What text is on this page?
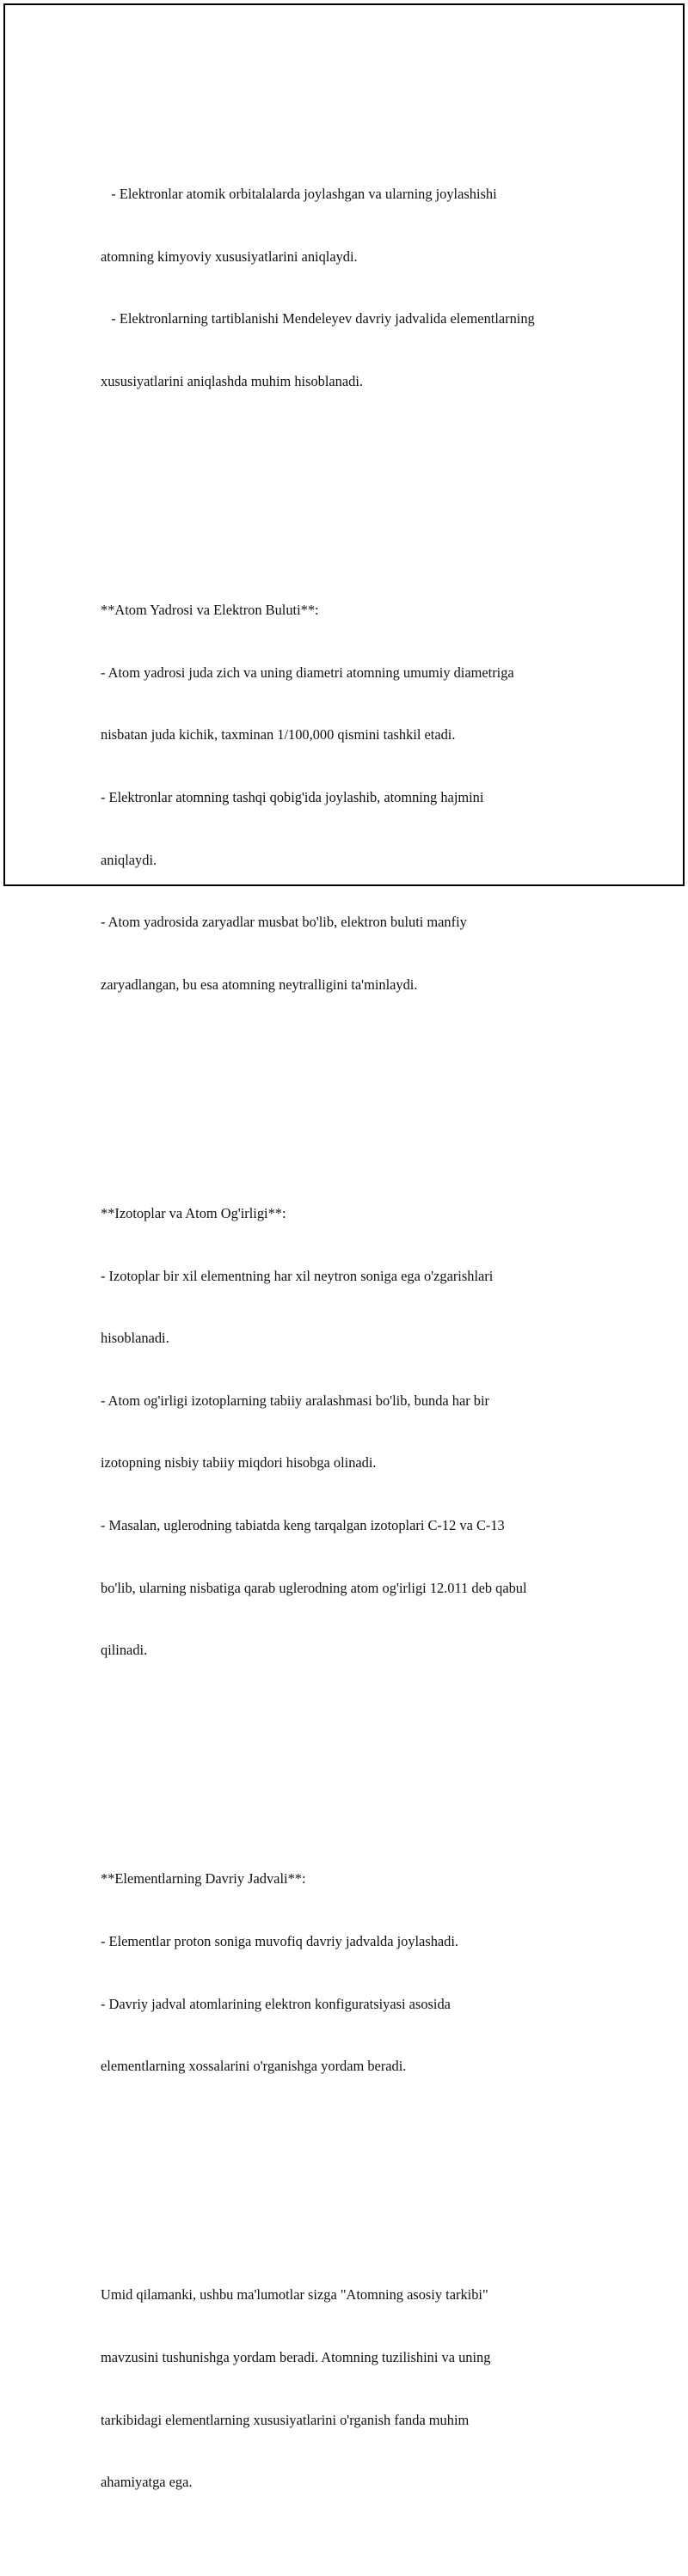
- Elektronlar atomik orbitalalarda joylashgan va ularning joylashishi

atomning kimyoviy xususiyatlarini aniqlaydi.

- Elektronlarning tartiblanishi Mendeleyev davriy jadvalida elementlarning

xususiyatlarini aniqlashda muhim hisoblanadi.

**Atom Yadrosi va Elektron Buluti**:

- Atom yadrosi juda zich va uning diametri atomning umumiy diametriga

nisbatan juda kichik, taxminan 1/100,000 qismini tashkil etadi.

- Elektronlar atomning tashqi qobig'ida joylashib, atomning hajmini

aniqlaydi.

- Atom yadrosida zaryadlar musbat bo'lib, elektron buluti manfiy

zaryadlangan, bu esa atomning neytralligini ta'minlaydi.

**Izotoplar va Atom Og'irligi**:

- Izotoplar bir xil elementning har xil neytron soniga ega o'zgarishlari

hisoblanadi.

- Atom og'irligi izotoplarning tabiiy aralashmasi bo'lib, bunda har bir

izotopning nisbiy tabiiy miqdori hisobga olinadi.

- Masalan, uglerodning tabiatda keng tarqalgan izotoplari C-12 va C-13

bo'lib, ularning nisbatiga qarab uglerodning atom og'irligi 12.011 deb qabul

qilinadi.

**Elementlarning Davriy Jadvali**:

- Elementlar proton soniga muvofiq davriy jadvalda joylashadi.

- Davriy jadval atomlarining elektron konfiguratsiyasi asosida

elementlarning xossalarini o'rganishga yordam beradi.

Umid qilamanki, ushbu ma'lumotlar sizga "Atomning asosiy tarkibi"

mavzusini tushunishga yordam beradi. Atomning tuzilishini va uning

tarkibidagi elementlarning xususiyatlarini o'rganish fanda muhim

ahamiyatga ega.
